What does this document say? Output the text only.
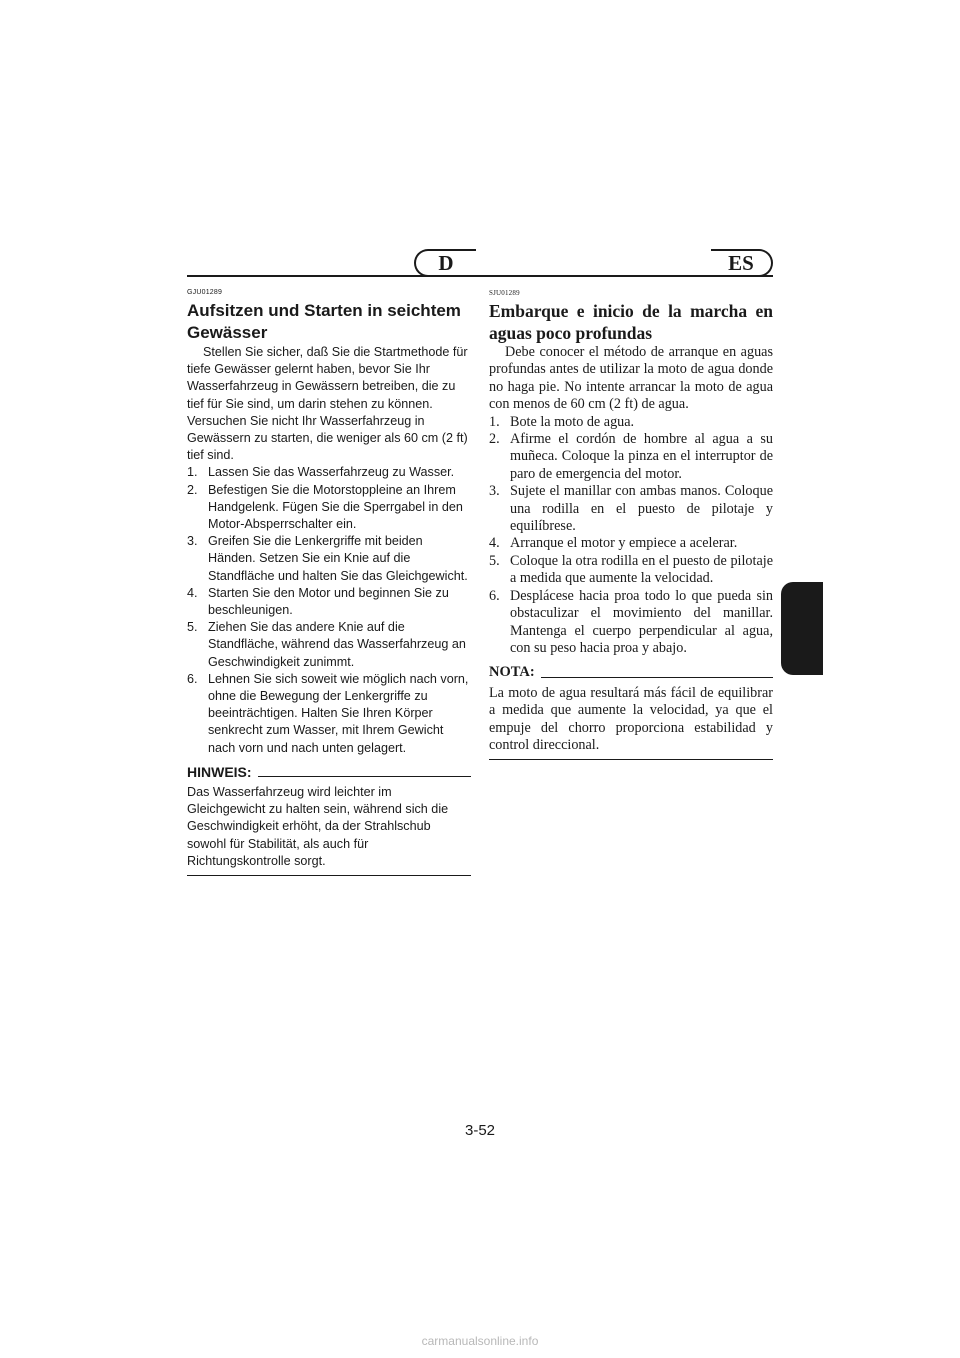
D	ES
GJU01289
Aufsitzen und Starten in seichtem Gewässer

Stellen Sie sicher, daß Sie die Startmethode für tiefe Gewässer gelernt haben, bevor Sie Ihr Wasserfahrzeug in Gewässern betreiben, die zu tief für Sie sind, um darin stehen zu können. Versuchen Sie nicht Ihr Wasserfahrzeug in Gewässern zu starten, die weniger als 60 cm (2 ft) tief sind.

1. Lassen Sie das Wasserfahrzeug zu Wasser.
2. Befestigen Sie die Motorstoppleine an Ihrem Handgelenk. Fügen Sie die Sperrgabel in den Motor-Absperrschalter ein.
3. Greifen Sie die Lenkergriffe mit beiden Händen. Setzen Sie ein Knie auf die Standfläche und halten Sie das Gleichgewicht.
4. Starten Sie den Motor und beginnen Sie zu beschleunigen.
5. Ziehen Sie das andere Knie auf die Standfläche, während das Wasserfahrzeug an Geschwindigkeit zunimmt.
6. Lehnen Sie sich soweit wie möglich nach vorn, ohne die Bewegung der Lenkergriffe zu beeinträchtigen. Halten Sie Ihren Körper senkrecht zum Wasser, mit Ihrem Gewicht nach vorn und nach unten gelagert.
HINWEIS:

Das Wasserfahrzeug wird leichter im Gleichgewicht zu halten sein, während sich die Geschwindigkeit erhöht, da der Strahlschub sowohl für Stabilität, als auch für Richtungskontrolle sorgt.

SJU01289
Embarque e inicio de la marcha en aguas poco profundas

Debe conocer el método de arranque en aguas profundas antes de utilizar la moto de agua donde no haga pie. No intente arrancar la moto de agua con menos de 60 cm (2 ft) de agua.

1. Bote la moto de agua.
2. Afirme el cordón de hombre al agua a su muñeca. Coloque la pinza en el interruptor de paro de emergencia del motor.
3. Sujete el manillar con ambas manos. Coloque una rodilla en el puesto de pilotaje y equilíbrese.
4. Arranque el motor y empiece a acelerar.
5. Coloque la otra rodilla en el puesto de pilotaje a medida que aumente la velocidad.
6. Desplácese hacia proa todo lo que pueda sin obstaculizar el movimiento del manillar. Mantenga el cuerpo perpendicular al agua, con su peso hacia proa y abajo.
NOTA:

La moto de agua resultará más fácil de equilibrar a medida que aumente la velocidad, ya que el empuje del chorro proporciona estabilidad y control direccional.

3-52
carmanualsonline.info
